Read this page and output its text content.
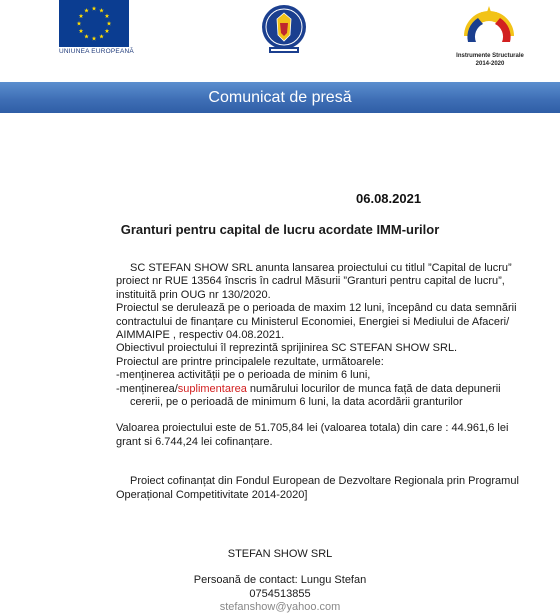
UNIUNEA EUROPEANĂ
Instrumente Structurale
2014-2020
Comunicat de presă
06.08.2021
Granturi pentru capital de lucru acordate IMM-urilor
SC STEFAN SHOW SRL anunta lansarea proiectului cu titlul ”Capital de lucru”
proiect nr RUE 13564 înscris în cadrul Măsurii ”Granturi pentru capital de lucru”,
instituită prin OUG nr 130/2020.
Proiectul se derulează pe o perioada de maxim 12 luni, începând cu data semnării
contractului de finanțare cu Ministerul Economiei, Energiei si Mediului de Afaceri/
AIMMAIPE , respectiv 04.08.2021.
Obiectivul proiectului îl reprezintă sprijinirea SC STEFAN SHOW SRL.
Proiectul are printre principalele rezultate, următoarele:
-menținerea activității pe o perioada de minim 6 luni,
-menținerea/suplimentarea numărului locurilor de munca față de data depunerii
cererii, pe o perioadă de minimum 6 luni, la data acordării granturilor
Valoarea proiectului este de 51.705,84 lei (valoarea totala) din care : 44.961,6 lei
grant si 6.744,24 lei cofinanțare.
Proiect cofinanțat din Fondul European de Dezvoltare Regionala prin Programul
Operațional Competitivitate 2014-2020]
STEFAN SHOW SRL
Persoană de contact: Lungu Stefan
0754513855
stefanshow@yahoo.com
